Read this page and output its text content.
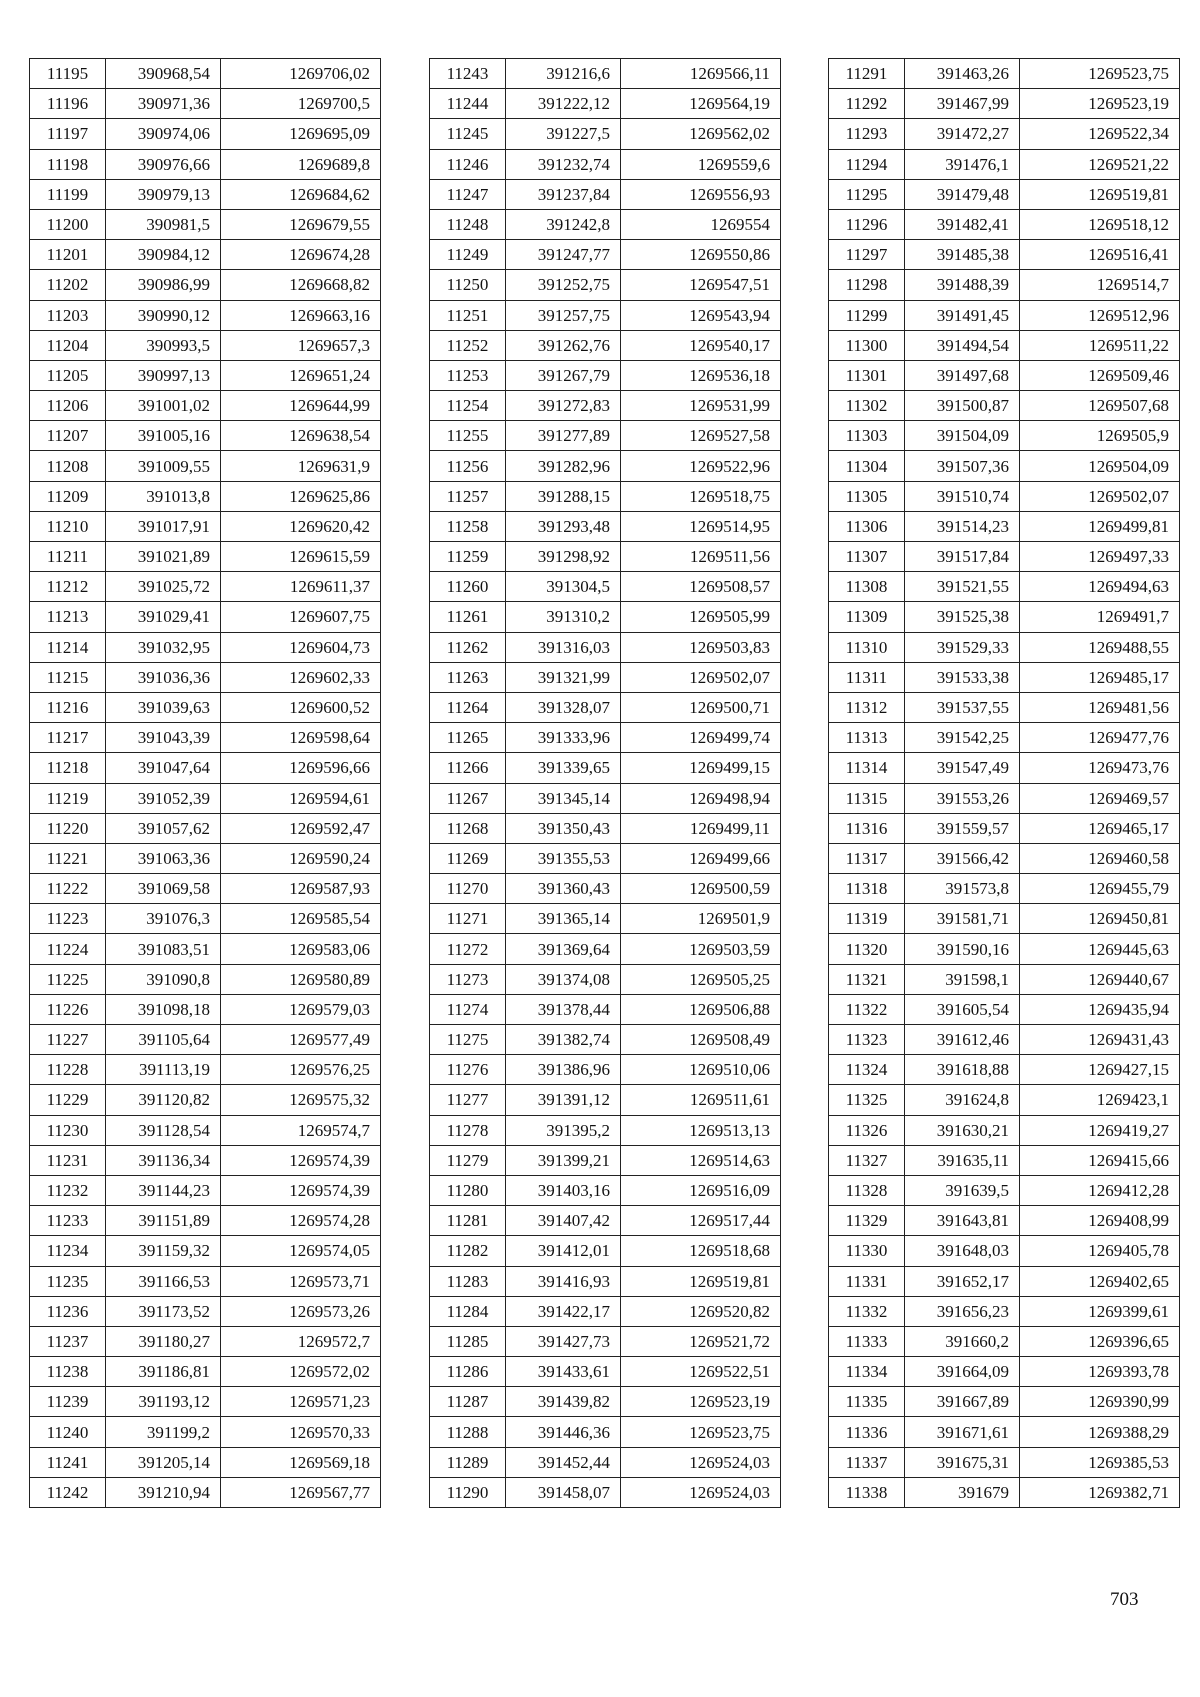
11195	390968,54	1269706,02
11196	390971,36	1269700,5
11197	390974,06	1269695,09
11198	390976,66	1269689,8
11199	390979,13	1269684,62
11200	390981,5	1269679,55
11201	390984,12	1269674,28
11202	390986,99	1269668,82
11203	390990,12	1269663,16
11204	390993,5	1269657,3
11205	390997,13	1269651,24
11206	391001,02	1269644,99
11207	391005,16	1269638,54
11208	391009,55	1269631,9
11209	391013,8	1269625,86
11210	391017,91	1269620,42
11211	391021,89	1269615,59
11212	391025,72	1269611,37
11213	391029,41	1269607,75
11214	391032,95	1269604,73
11215	391036,36	1269602,33
11216	391039,63	1269600,52
11217	391043,39	1269598,64
11218	391047,64	1269596,66
11219	391052,39	1269594,61
11220	391057,62	1269592,47
11221	391063,36	1269590,24
11222	391069,58	1269587,93
11223	391076,3	1269585,54
11224	391083,51	1269583,06
11225	391090,8	1269580,89
11226	391098,18	1269579,03
11227	391105,64	1269577,49
11228	391113,19	1269576,25
11229	391120,82	1269575,32
11230	391128,54	1269574,7
11231	391136,34	1269574,39
11232	391144,23	1269574,39
11233	391151,89	1269574,28
11234	391159,32	1269574,05
11235	391166,53	1269573,71
11236	391173,52	1269573,26
11237	391180,27	1269572,7
11238	391186,81	1269572,02
11239	391193,12	1269571,23
11240	391199,2	1269570,33
11241	391205,14	1269569,18
11242	391210,94	1269567,77
11243	391216,6	1269566,11
11244	391222,12	1269564,19
11245	391227,5	1269562,02
11246	391232,74	1269559,6
11247	391237,84	1269556,93
11248	391242,8	1269554
11249	391247,77	1269550,86
11250	391252,75	1269547,51
11251	391257,75	1269543,94
11252	391262,76	1269540,17
11253	391267,79	1269536,18
11254	391272,83	1269531,99
11255	391277,89	1269527,58
11256	391282,96	1269522,96
11257	391288,15	1269518,75
11258	391293,48	1269514,95
11259	391298,92	1269511,56
11260	391304,5	1269508,57
11261	391310,2	1269505,99
11262	391316,03	1269503,83
11263	391321,99	1269502,07
11264	391328,07	1269500,71
11265	391333,96	1269499,74
11266	391339,65	1269499,15
11267	391345,14	1269498,94
11268	391350,43	1269499,11
11269	391355,53	1269499,66
11270	391360,43	1269500,59
11271	391365,14	1269501,9
11272	391369,64	1269503,59
11273	391374,08	1269505,25
11274	391378,44	1269506,88
11275	391382,74	1269508,49
11276	391386,96	1269510,06
11277	391391,12	1269511,61
11278	391395,2	1269513,13
11279	391399,21	1269514,63
11280	391403,16	1269516,09
11281	391407,42	1269517,44
11282	391412,01	1269518,68
11283	391416,93	1269519,81
11284	391422,17	1269520,82
11285	391427,73	1269521,72
11286	391433,61	1269522,51
11287	391439,82	1269523,19
11288	391446,36	1269523,75
11289	391452,44	1269524,03
11290	391458,07	1269524,03
11291	391463,26	1269523,75
11292	391467,99	1269523,19
11293	391472,27	1269522,34
11294	391476,1	1269521,22
11295	391479,48	1269519,81
11296	391482,41	1269518,12
11297	391485,38	1269516,41
11298	391488,39	1269514,7
11299	391491,45	1269512,96
11300	391494,54	1269511,22
11301	391497,68	1269509,46
11302	391500,87	1269507,68
11303	391504,09	1269505,9
11304	391507,36	1269504,09
11305	391510,74	1269502,07
11306	391514,23	1269499,81
11307	391517,84	1269497,33
11308	391521,55	1269494,63
11309	391525,38	1269491,7
11310	391529,33	1269488,55
11311	391533,38	1269485,17
11312	391537,55	1269481,56
11313	391542,25	1269477,76
11314	391547,49	1269473,76
11315	391553,26	1269469,57
11316	391559,57	1269465,17
11317	391566,42	1269460,58
11318	391573,8	1269455,79
11319	391581,71	1269450,81
11320	391590,16	1269445,63
11321	391598,1	1269440,67
11322	391605,54	1269435,94
11323	391612,46	1269431,43
11324	391618,88	1269427,15
11325	391624,8	1269423,1
11326	391630,21	1269419,27
11327	391635,11	1269415,66
11328	391639,5	1269412,28
11329	391643,81	1269408,99
11330	391648,03	1269405,78
11331	391652,17	1269402,65
11332	391656,23	1269399,61
11333	391660,2	1269396,65
11334	391664,09	1269393,78
11335	391667,89	1269390,99
11336	391671,61	1269388,29
11337	391675,31	1269385,53
11338	391679	1269382,71
703
